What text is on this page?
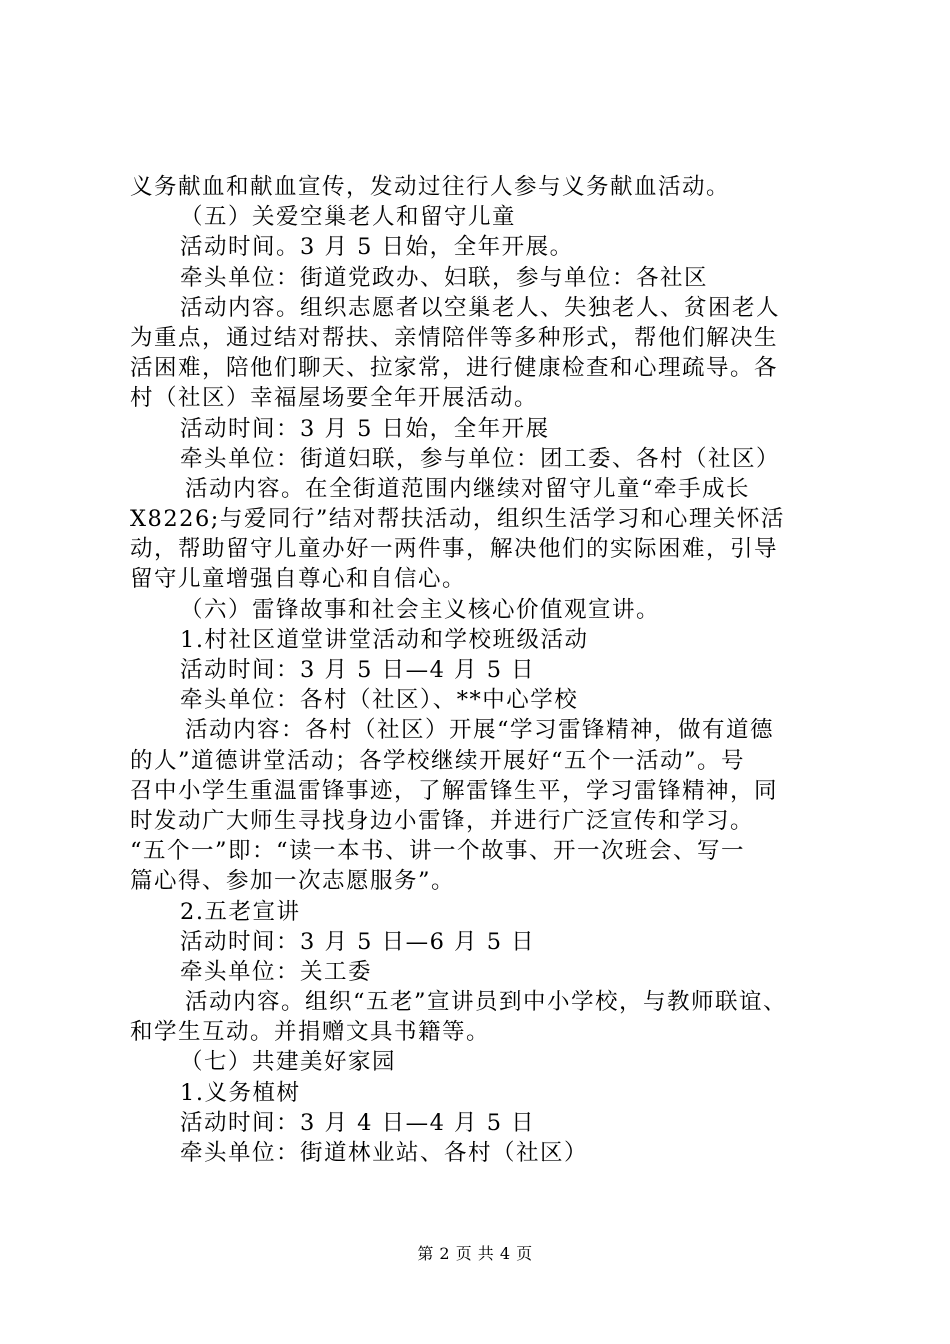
义务献血和献血宣传，发动过往行人参与义务献血活动。
（五）关爱空巢老人和留守儿童
活动时间。3 月 5 日始，全年开展。
牵头单位：街道党政办、妇联，参与单位：各社区
活动内容。组织志愿者以空巢老人、失独老人、贫困老人
为重点，通过结对帮扶、亲情陪伴等多种形式，帮他们解决生
活困难，陪他们聊天、拉家常，进行健康检查和心理疏导。各
村（社区）幸福屋场要全年开展活动。
活动时间：3 月 5 日始，全年开展
牵头单位：街道妇联，参与单位：团工委、各村（社区）
活动内容。在全街道范围内继续对留守儿童“牵手成长
X8226;与爱同行”结对帮扶活动，组织生活学习和心理关怀活
动，帮助留守儿童办好一两件事，解决他们的实际困难，引导
留守儿童增强自尊心和自信心。
（六）雷锋故事和社会主义核心价值观宣讲。
1.村社区道堂讲堂活动和学校班级活动
活动时间：3 月 5 日—4 月 5 日
牵头单位：各村（社区）、**中心学校
活动内容：各村（社区）开展“学习雷锋精神，做有道德
的人”道德讲堂活动；各学校继续开展好“五个一活动”。号
召中小学生重温雷锋事迹，了解雷锋生平，学习雷锋精神，同
时发动广大师生寻找身边小雷锋，并进行广泛宣传和学习。
“五个一”即：“读一本书、讲一个故事、开一次班会、写一
篇心得、参加一次志愿服务”。
2.五老宣讲
活动时间：3 月 5 日—6 月 5 日
牵头单位：关工委
活动内容。组织“五老”宣讲员到中小学校，与教师联谊、
和学生互动。并捐赠文具书籍等。
（七）共建美好家园
1.义务植树
活动时间：3 月 4 日—4 月 5 日
牵头单位：街道林业站、各村（社区）
第 2 页 共 4 页
